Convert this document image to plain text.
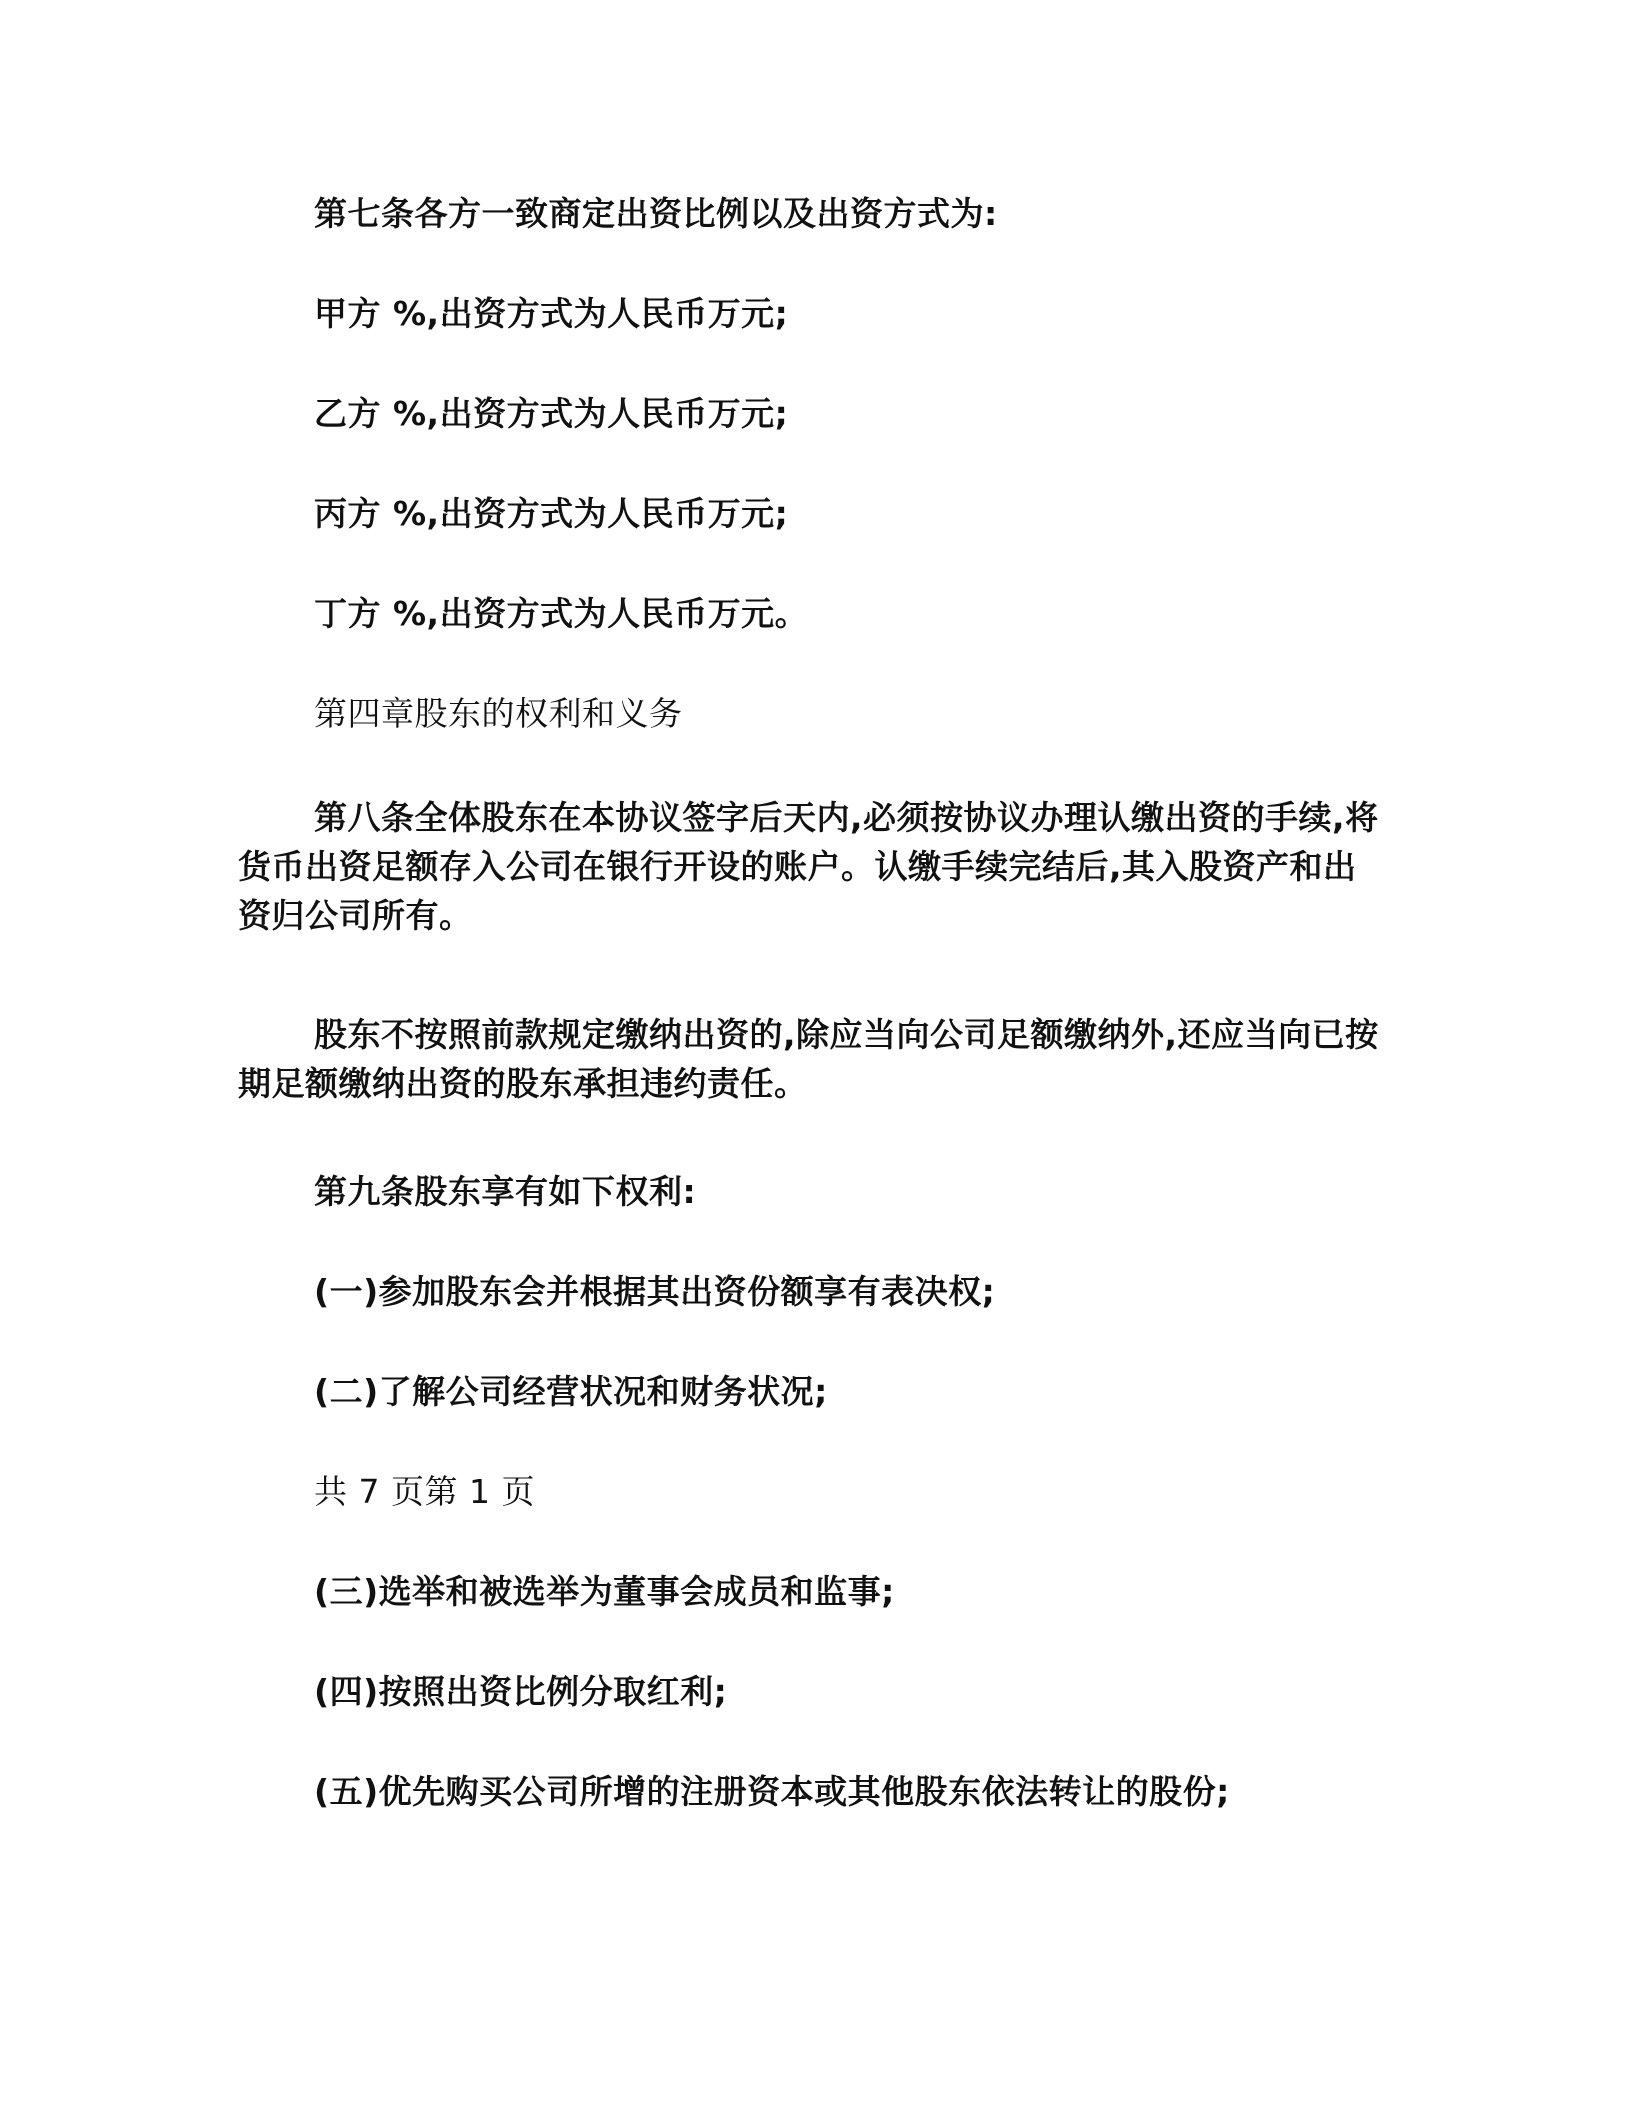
第七条各方一致商定出资比例以及出资方式为:

甲方 %,出资方式为人民币万元;

乙方 %,出资方式为人民币万元;

丙方 %,出资方式为人民币万元;

丁方 %,出资方式为人民币万元。

第四章股东的权利和义务

第八条全体股东在本协议签字后天内,必须按协议办理认缴出资的手续,将货币出资足额存入公司在银行开设的账户。认缴手续完结后,其入股资产和出资归公司所有。

股东不按照前款规定缴纳出资的,除应当向公司足额缴纳外,还应当向已按期足额缴纳出资的股东承担违约责任。

第九条股东享有如下权利:

(一)参加股东会并根据其出资份额享有表决权;

(二)了解公司经营状况和财务状况;

共 7 页第 1 页

(三)选举和被选举为董事会成员和监事;

(四)按照出资比例分取红利;

(五)优先购买公司所增的注册资本或其他股东依法转让的股份;
